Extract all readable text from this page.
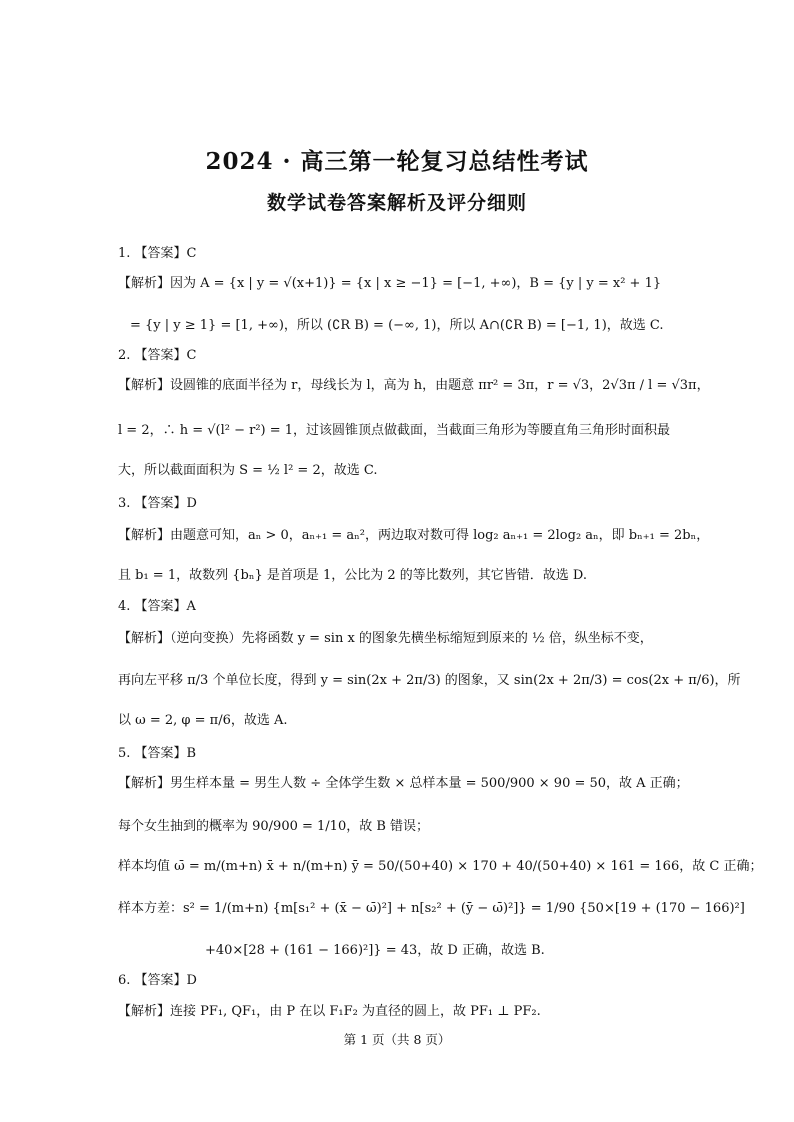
2024 · 高三第一轮复习总结性考试
数学试卷答案解析及评分细则
1. 【答案】C
【解析】因为 A = {x | y = √(x+1)} = {x | x ≥ −1} = [−1, +∞)，B = {y | y = x² + 1}
= {y | y ≥ 1} = [1, +∞)，所以 (∁R B) = (−∞, 1)，所以 A∩(∁R B) = [−1, 1)，故选 C.
2. 【答案】C
【解析】设圆锥的底面半径为 r，母线长为 l，高为 h，由题意 πr² = 3π，r = √3，2√3π / l = √3π，
l = 2，∴ h = √(l² − r²) = 1，过该圆锥顶点做截面，当截面三角形为等腰直角三角形时面积最
大，所以截面面积为 S = ½ l² = 2，故选 C.
3. 【答案】D
【解析】由题意可知，aₙ > 0，aₙ₊₁ = aₙ²，两边取对数可得 log₂ aₙ₊₁ = 2log₂ aₙ，即 bₙ₊₁ = 2bₙ，
且 b₁ = 1，故数列 {bₙ} 是首项是 1，公比为 2 的等比数列，其它皆错．故选 D.
4. 【答案】A
【解析】（逆向变换）先将函数 y = sin x 的图象先横坐标缩短到原来的 ½ 倍，纵坐标不变，
再向左平移 π/3 个单位长度，得到 y = sin(2x + 2π/3) 的图象，又 sin(2x + 2π/3) = cos(2x + π/6)，所
以 ω = 2, φ = π/6，故选 A.
5. 【答案】B
【解析】男生样本量 = 男生人数 ÷ 全体学生数 × 总样本量 = 500/900 × 90 = 50，故 A 正确；
每个女生抽到的概率为 90/900 = 1/10，故 B 错误；
样本均值 ω̄ = m/(m+n) x̄ + n/(m+n) ȳ = 50/(50+40) × 170 + 40/(50+40) × 161 = 166，故 C 正确；
样本方差：s² = 1/(m+n) {m[s₁² + (x̄ − ω̄)²] + n[s₂² + (ȳ − ω̄)²]} = 1/90 {50×[19 + (170 − 166)²]
+40×[28 + (161 − 166)²]} = 43，故 D 正确，故选 B.
6. 【答案】D
【解析】连接 PF₁, QF₁，由 P 在以 F₁F₂ 为直径的圆上，故 PF₁ ⊥ PF₂.
第 1 页（共 8 页）
